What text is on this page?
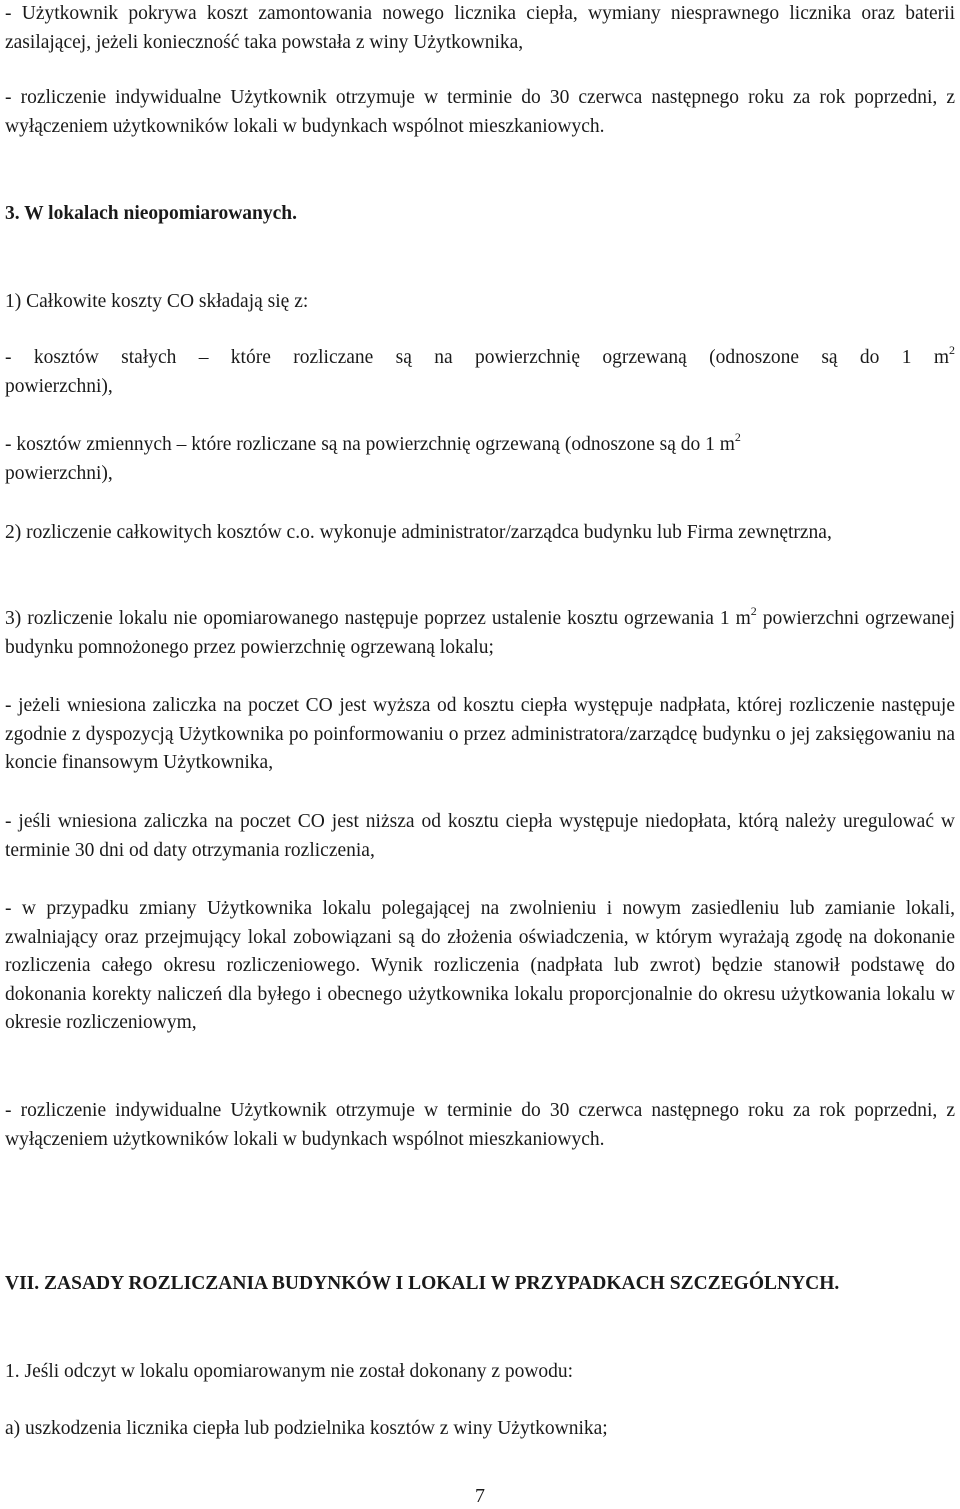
- Użytkownik pokrywa koszt zamontowania nowego licznika ciepła, wymiany niesprawnego licznika oraz baterii zasilającej, jeżeli konieczność taka powstała z winy Użytkownika,

- rozliczenie indywidualne Użytkownik otrzymuje w terminie do 30 czerwca następnego roku za rok poprzedni, z wyłączeniem użytkowników lokali w budynkach wspólnot mieszkaniowych.

3. W lokalach nieopomiarowanych.

1) Całkowite koszty CO składają się z:

- kosztów stałych – które rozliczane są na powierzchnię ogrzewaną (odnoszone są do 1 $m^2$
powierzchni),
- kosztów zmiennych – które rozliczane są na powierzchnię ogrzewaną (odnoszone są do 1 $m^2$
powierzchni),

2) rozliczenie całkowitych kosztów c.o. wykonuje administrator/zarządca budynku lub Firma zewnętrzna,

3) rozliczenie lokalu nie opomiarowanego następuje poprzez ustalenie kosztu ogrzewania 1 $m^2$ powierzchni ogrzewanej budynku pomnożonego przez powierzchnię ogrzewaną lokalu;

- jeżeli wniesiona zaliczka na poczet CO jest wyższa od kosztu ciepła występuje nadpłata, której rozliczenie następuje zgodnie z dyspozycją Użytkownika po poinformowaniu o przez administratora/zarządcę budynku o jej zaksięgowaniu na koncie finansowym Użytkownika,

- jeśli wniesiona zaliczka na poczet CO jest niższa od kosztu ciepła występuje niedopłata, którą należy uregulować w terminie 30 dni od daty otrzymania rozliczenia,

- w przypadku zmiany Użytkownika lokalu polegającej na zwolnieniu i nowym zasiedleniu lub zamianie lokali, zwalniający oraz przejmujący lokal zobowiązani są do złożenia oświadczenia, w którym wyrażają zgodę na dokonanie rozliczenia całego okresu rozliczeniowego. Wynik rozliczenia (nadpłata lub zwrot) będzie stanowił podstawę do dokonania korekty naliczeń dla byłego i obecnego użytkownika lokalu proporcjonalnie do okresu użytkowania lokalu w okresie rozliczeniowym,

- rozliczenie indywidualne Użytkownik otrzymuje w terminie do 30 czerwca następnego roku za rok poprzedni, z wyłączeniem użytkowników lokali w budynkach wspólnot mieszkaniowych.

VII. ZASADY ROZLICZANIA BUDYNKÓW I LOKALI W PRZYPADKACH SZCZEGÓLNYCH.

1. Jeśli odczyt w lokalu opomiarowanym nie został dokonany z powodu:

a) uszkodzenia licznika ciepła lub podzielnika kosztów z winy Użytkownika;

7
